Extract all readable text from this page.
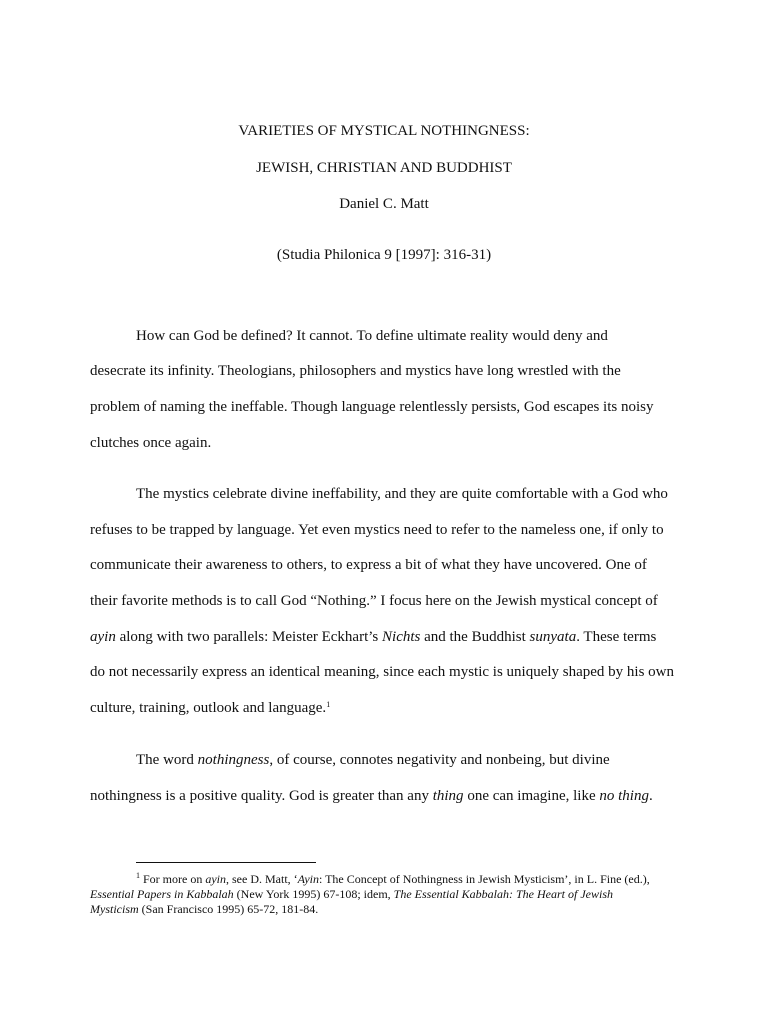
VARIETIES OF MYSTICAL NOTHINGNESS:
JEWISH, CHRISTIAN AND BUDDHIST
Daniel C. Matt
(Studia Philonica 9 [1997]: 316-31)
How can God be defined? It cannot. To define ultimate reality would deny and
desecrate its infinity. Theologians, philosophers and mystics have long wrestled with the
problem of naming the ineffable. Though language relentlessly persists, God escapes its noisy
clutches once again.
The mystics celebrate divine ineffability, and they are quite comfortable with a God who
refuses to be trapped by language. Yet even mystics need to refer to the nameless one, if only to
communicate their awareness to others, to express a bit of what they have uncovered. One of
their favorite methods is to call God “Nothing.” I focus here on the Jewish mystical concept of
ayin along with two parallels: Meister Eckhart’s Nichts and the Buddhist sunyata. These terms
do not necessarily express an identical meaning, since each mystic is uniquely shaped by his own
culture, training, outlook and language.$^1$
The word nothingness, of course, connotes negativity and nonbeing, but divine
nothingness is a positive quality. God is greater than any thing one can imagine, like no thing.
$^1$ For more on ayin, see D. Matt, ‘Ayin: The Concept of Nothingness in Jewish Mysticism’, in L. Fine (ed.),
Essential Papers in Kabbalah (New York 1995) 67-108; idem, The Essential Kabbalah: The Heart of Jewish
Mysticism (San Francisco 1995) 65-72, 181-84.
